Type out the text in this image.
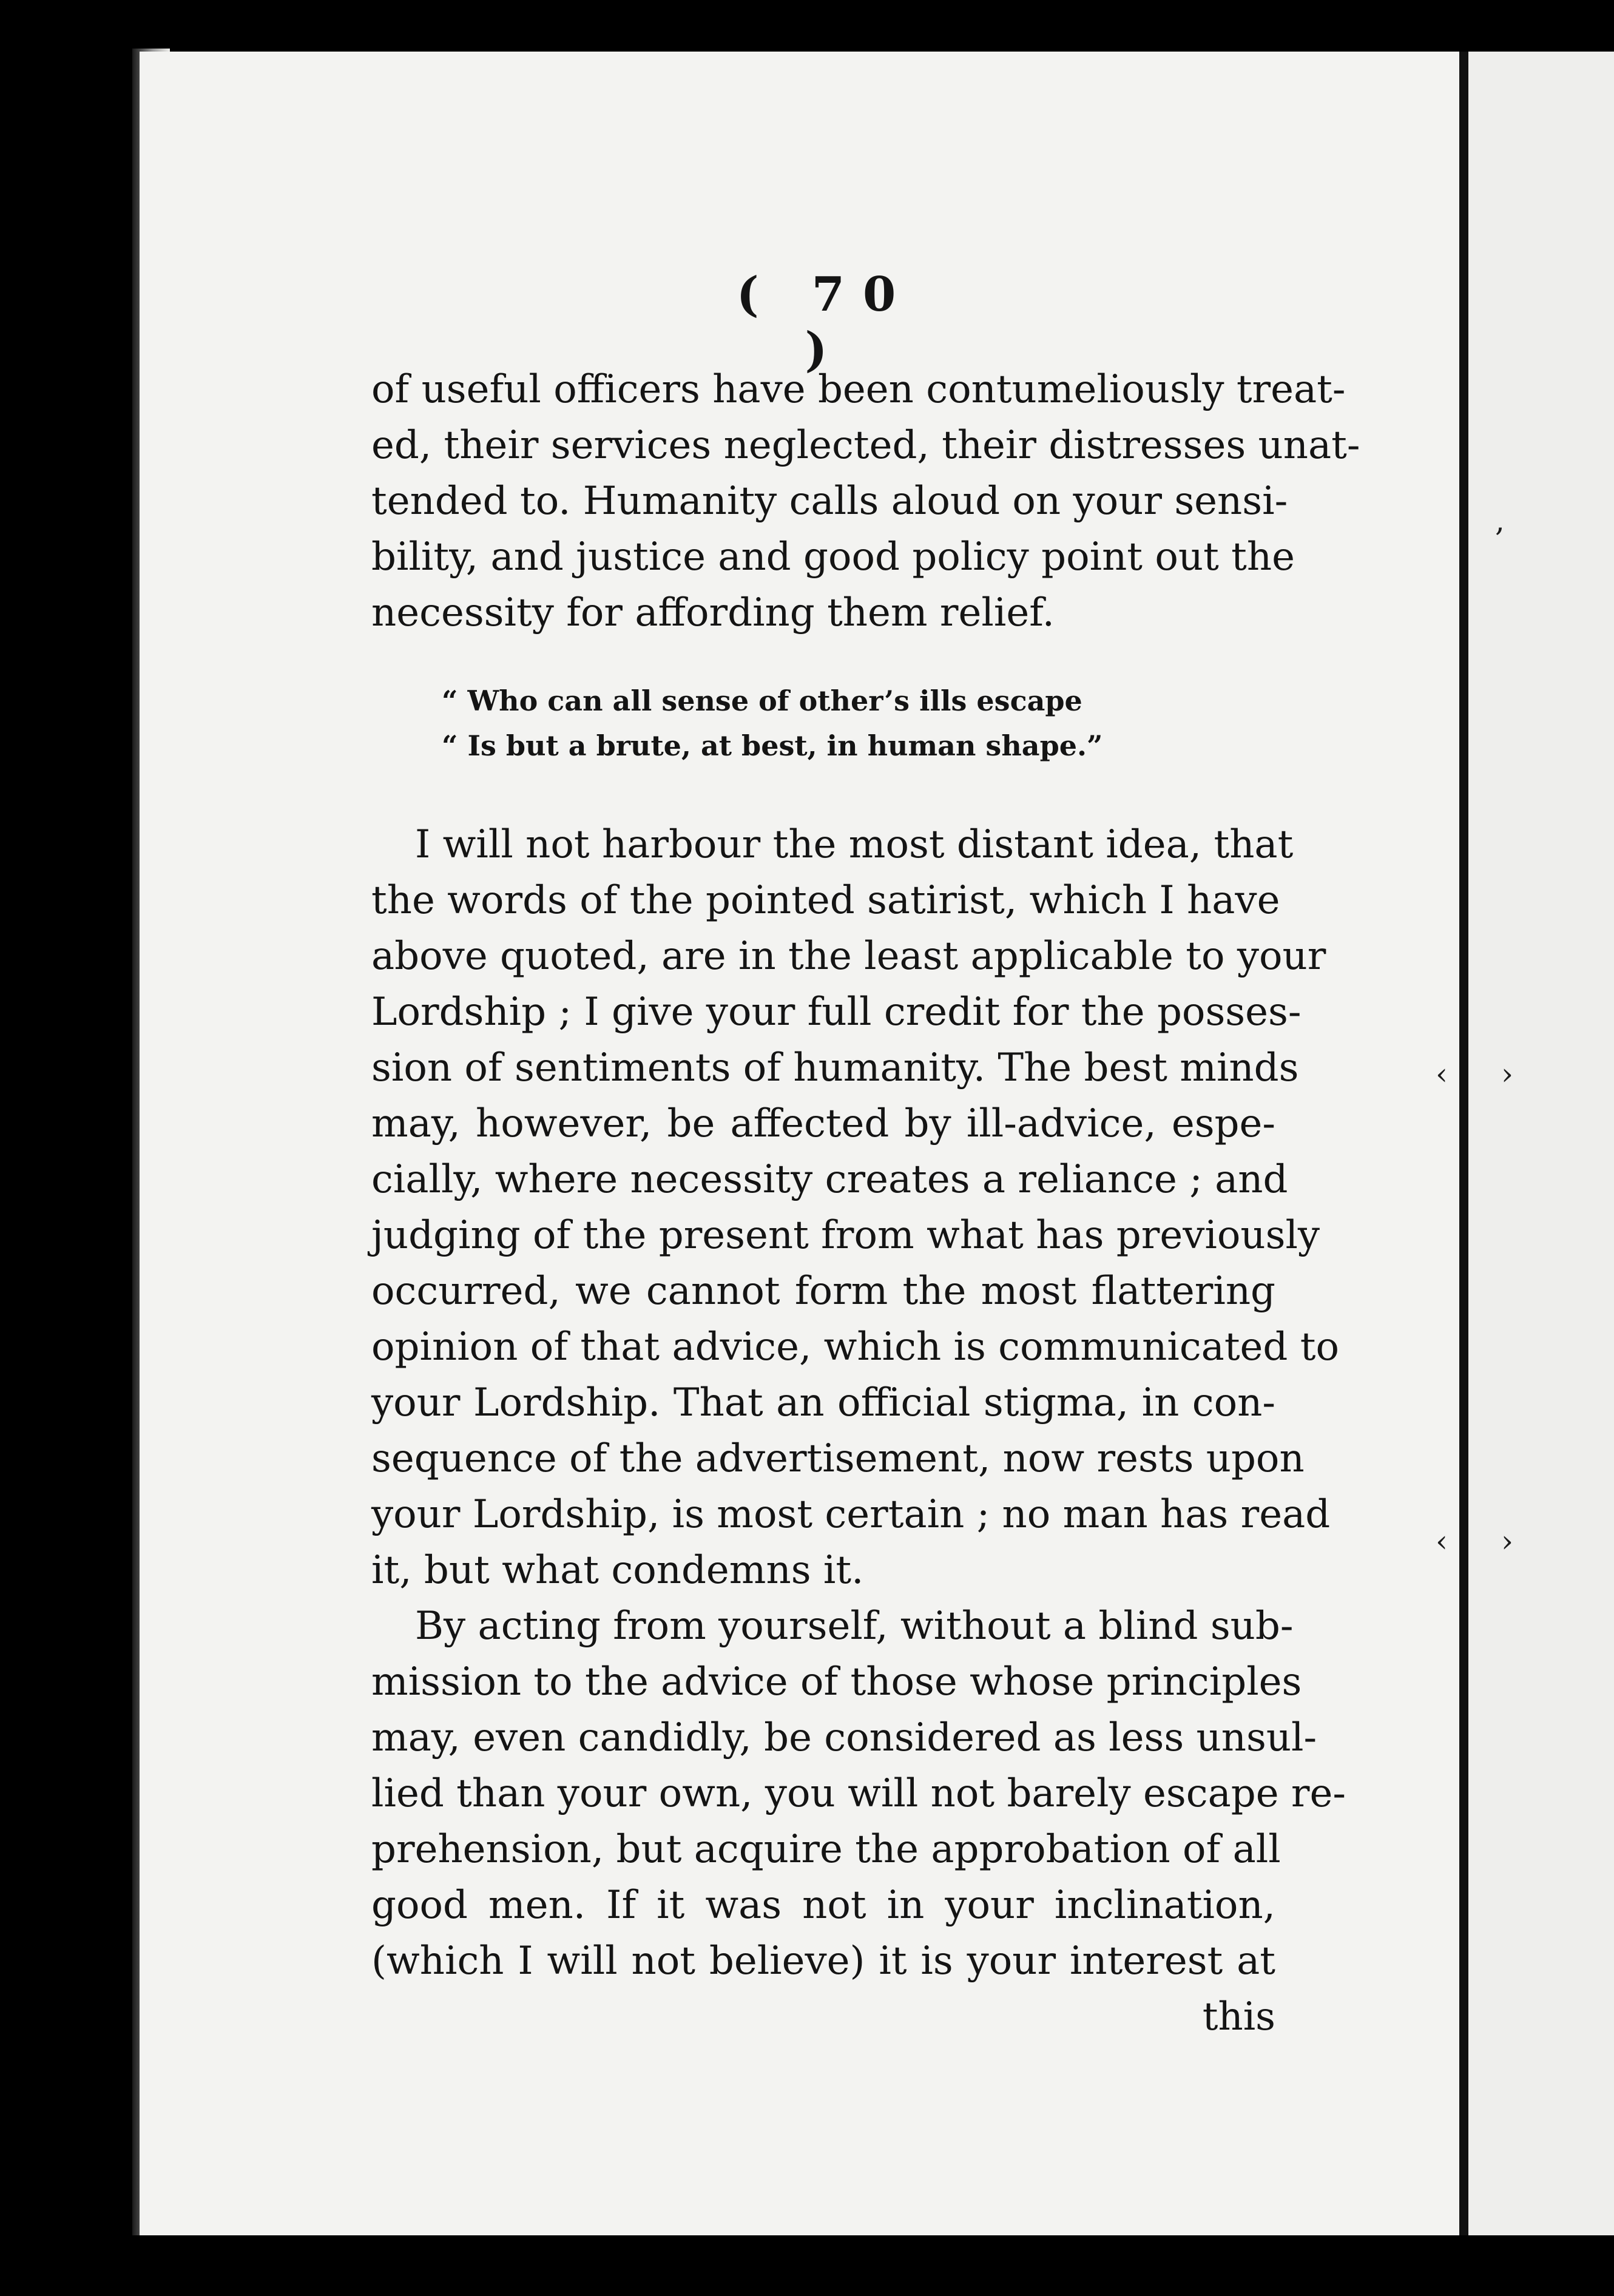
,
‹ ›
‹ ›
( 70 )
of useful officers have been contumeliously treat-
ed, their services neglected, their distresses unat-
tended to. Humanity calls aloud on your sensi-
bility, and justice and good policy point out the
necessity for affording them relief.
“ Who can all sense of other’s ills escape
“ Is but a brute, at best, in human shape.”
I will not harbour the most distant idea, that
the words of the pointed satirist, which I have
above quoted, are in the least applicable to your
Lordship ; I give your full credit for the posses-
sion of sentiments of humanity. The best minds
may, however, be affected by ill-advice, espe-
cially, where necessity creates a reliance ; and
judging of the present from what has previously
occurred, we cannot form the most flattering
opinion of that advice, which is communicated to
your Lordship. That an official stigma, in con-
sequence of the advertisement, now rests upon
your Lordship, is most certain ; no man has read
it, but what condemns it.
By acting from yourself, without a blind sub-
mission to the advice of those whose principles
may, even candidly, be considered as less unsul-
lied than your own, you will not barely escape re-
prehension, but acquire the approbation of all
good men. If it was not in your inclination,
(which I will not believe) it is your interest at
this
